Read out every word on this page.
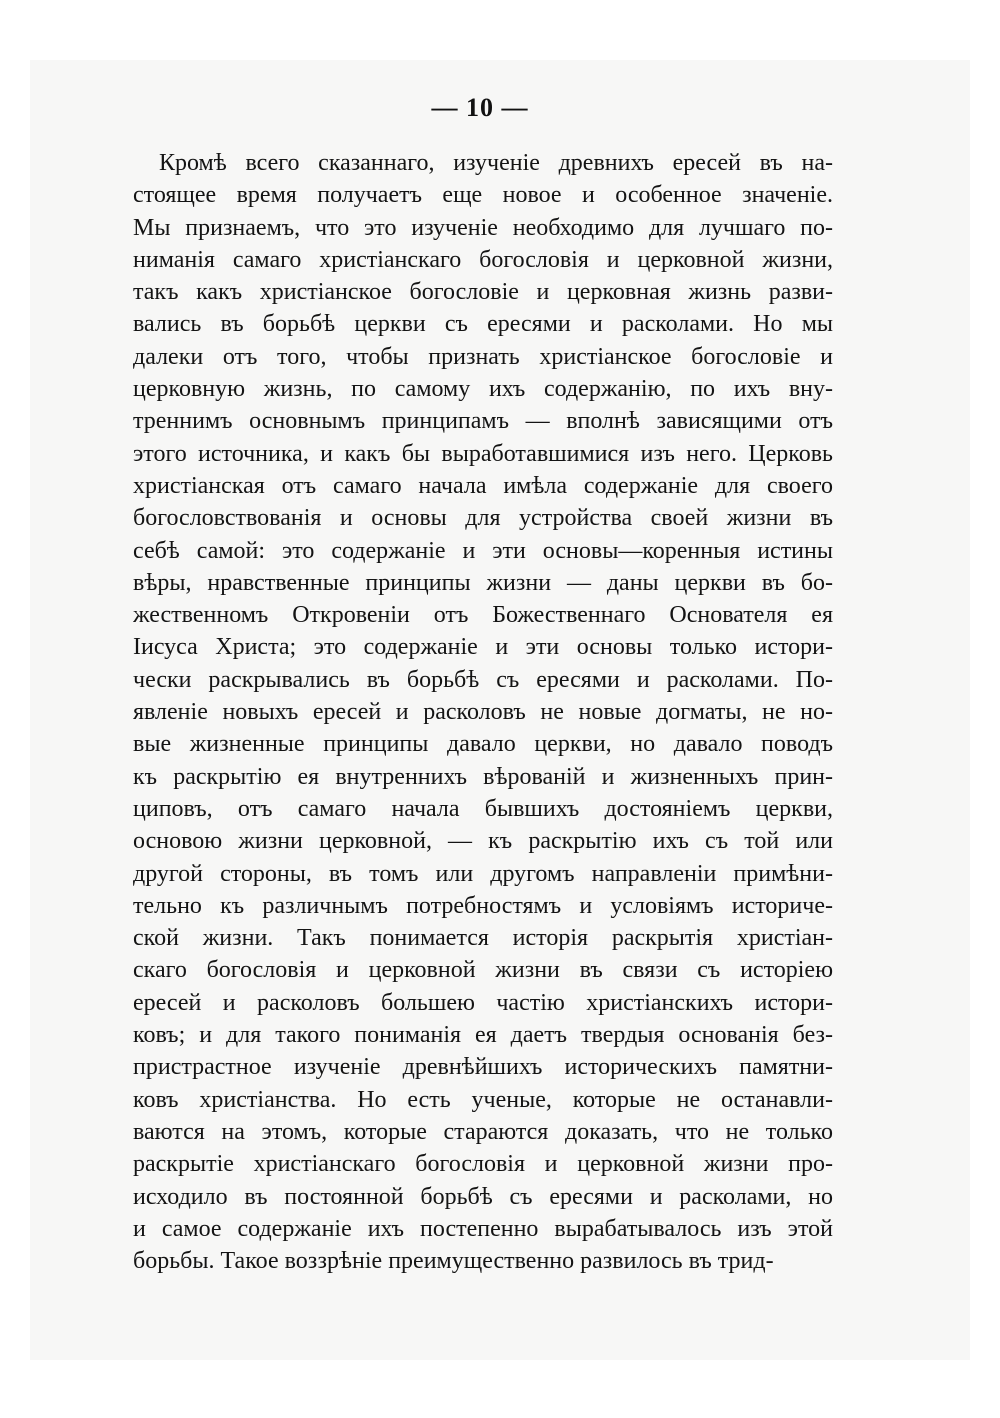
— 10 —
Кромѣ всего сказаннаго, изученіе древнихъ ересей въ на-
стоящее время получаетъ еще новое и особенное значеніе.
Мы признаемъ, что это изученіе необходимо для лучшаго по-
ниманія самаго христіанскаго богословія и церковной жизни,
такъ какъ христіанское богословіе и церковная жизнь разви-
вались въ борьбѣ церкви съ ересями и расколами. Но мы
далеки отъ того, чтобы признать христіанское богословіе и
церковную жизнь, по самому ихъ содержанію, по ихъ вну-
треннимъ основнымъ принципамъ — вполнѣ зависящими отъ
этого источника, и какъ бы выработавшимися изъ него. Церковь
христіанская отъ самаго начала имѣла содержаніе для своего
богословствованія и основы для устройства своей жизни въ
себѣ самой: это содержаніе и эти основы—коренныя истины
вѣры, нравственные принципы жизни — даны церкви въ бо-
жественномъ Откровеніи отъ Божественнаго Основателя ея
Іисуса Христа; это содержаніе и эти основы только истори-
чески раскрывались въ борьбѣ съ ересями и расколами. По-
явленіе новыхъ ересей и расколовъ не новые догматы, не но-
вые жизненные принципы давало церкви, но давало поводъ
къ раскрытію ея внутреннихъ вѣрованій и жизненныхъ прин-
циповъ, отъ самаго начала бывшихъ достояніемъ церкви,
основою жизни церковной, — къ раскрытію ихъ съ той или
другой стороны, въ томъ или другомъ направленіи примѣни-
тельно къ различнымъ потребностямъ и условіямъ историче-
ской жизни. Такъ понимается исторія раскрытія христіан-
скаго богословія и церковной жизни въ связи съ исторіею
ересей и расколовъ большею частію христіанскихъ истори-
ковъ; и для такого пониманія ея даетъ твердыя основанія без-
пристрастное изученіе древнѣйшихъ историческихъ памятни-
ковъ христіанства. Но есть ученые, которые не останавли-
ваются на этомъ, которые стараются доказать, что не только
раскрытіе христіанскаго богословія и церковной жизни про-
исходило въ постоянной борьбѣ съ ересями и расколами, но
и самое содержаніе ихъ постепенно вырабатывалось изъ этой
борьбы. Такое воззрѣніе преимущественно развилось въ трид-
